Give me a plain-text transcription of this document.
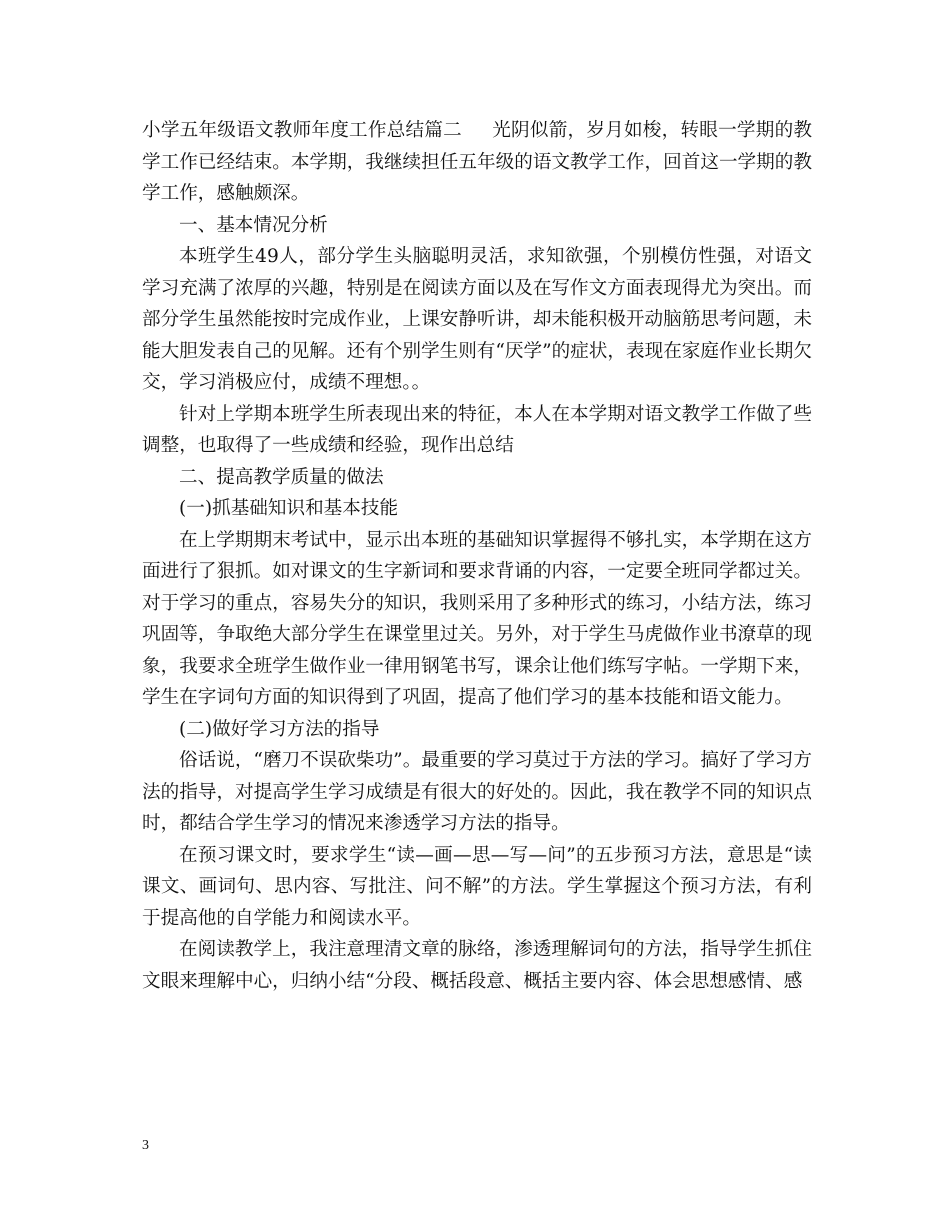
小学五年级语文教师年度工作总结篇二 光阴似箭，岁月如梭，转眼一学期的教学工作已经结束。本学期，我继续担任五年级的语文教学工作，回首这一学期的教学工作，感触颇深。

一、基本情况分析

本班学生49人，部分学生头脑聪明灵活，求知欲强，个别模仿性强，对语文学习充满了浓厚的兴趣，特别是在阅读方面以及在写作文方面表现得尤为突出。而部分学生虽然能按时完成作业，上课安静听讲，却未能积极开动脑筋思考问题，未能大胆发表自己的见解。还有个别学生则有“厌学”的症状，表现在家庭作业长期欠交，学习消极应付，成绩不理想。。

针对上学期本班学生所表现出来的特征，本人在本学期对语文教学工作做了些调整，也取得了一些成绩和经验，现作出总结

二、提高教学质量的做法

(一)抓基础知识和基本技能

在上学期期末考试中，显示出本班的基础知识掌握得不够扎实，本学期在这方面进行了狠抓。如对课文的生字新词和要求背诵的内容，一定要全班同学都过关。对于学习的重点，容易失分的知识，我则采用了多种形式的练习，小结方法，练习巩固等，争取绝大部分学生在课堂里过关。另外，对于学生马虎做作业书潦草的现象，我要求全班学生做作业一律用钢笔书写，课余让他们练写字帖。一学期下来，学生在字词句方面的知识得到了巩固，提高了他们学习的基本技能和语文能力。

(二)做好学习方法的指导

俗话说，“磨刀不误砍柴功”。最重要的学习莫过于方法的学习。搞好了学习方法的指导，对提高学生学习成绩是有很大的好处的。因此，我在教学不同的知识点时，都结合学生学习的情况来渗透学习方法的指导。

在预习课文时，要求学生“读—画—思—写—问”的五步预习方法，意思是“读课文、画词句、思内容、写批注、问不解”的方法。学生掌握这个预习方法，有利于提高他的自学能力和阅读水平。

在阅读教学上，我注意理清文章的脉络，渗透理解词句的方法，指导学生抓住文眼来理解中心，归纳小结“分段、概括段意、概括主要内容、体会思想感情、感

3
